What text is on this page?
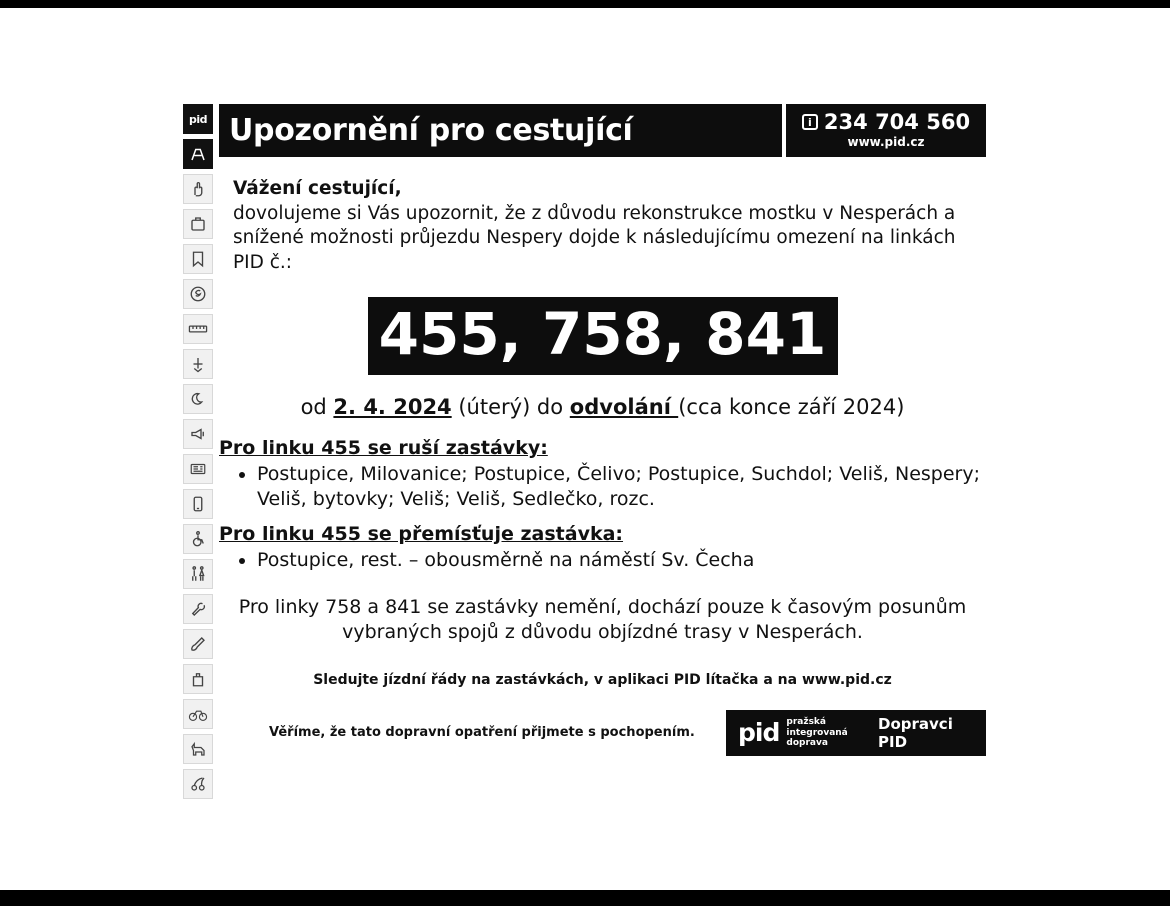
pid Upozornění pro cestující	i 234 704 560
www.pid.cz
Vážení cestující,
dovolujeme si Vás upozornit, že z důvodu rekonstrukce mostku v Nesperách a snížené možnosti průjezdu Nespery dojde k následujícímu omezení na linkách PID č.:
455, 758, 841
od 2. 4. 2024 (úterý) do odvolání (cca konce září 2024)
Pro linku 455 se ruší zastávky:
• Postupice, Milovanice; Postupice, Čelivo; Postupice, Suchdol; Veliš, Nespery; Veliš, bytovky; Veliš; Veliš, Sedlečko, rozc.
Pro linku 455 se přemísťuje zastávka:
• Postupice, rest. – obousměrně na náměstí Sv. Čecha
Pro linky 758 a 841 se zastávky nemění, dochází pouze k časovým posunům vybraných spojů z důvodu objízdné trasy v Nesperách.
Sledujte jízdní řády na zastávkách, v aplikaci PID lítačka a na www.pid.cz
Věříme, že tato dopravní opatření přijmete s pochopením. pid pražská integrovaná
doprava
Dopravci PID
